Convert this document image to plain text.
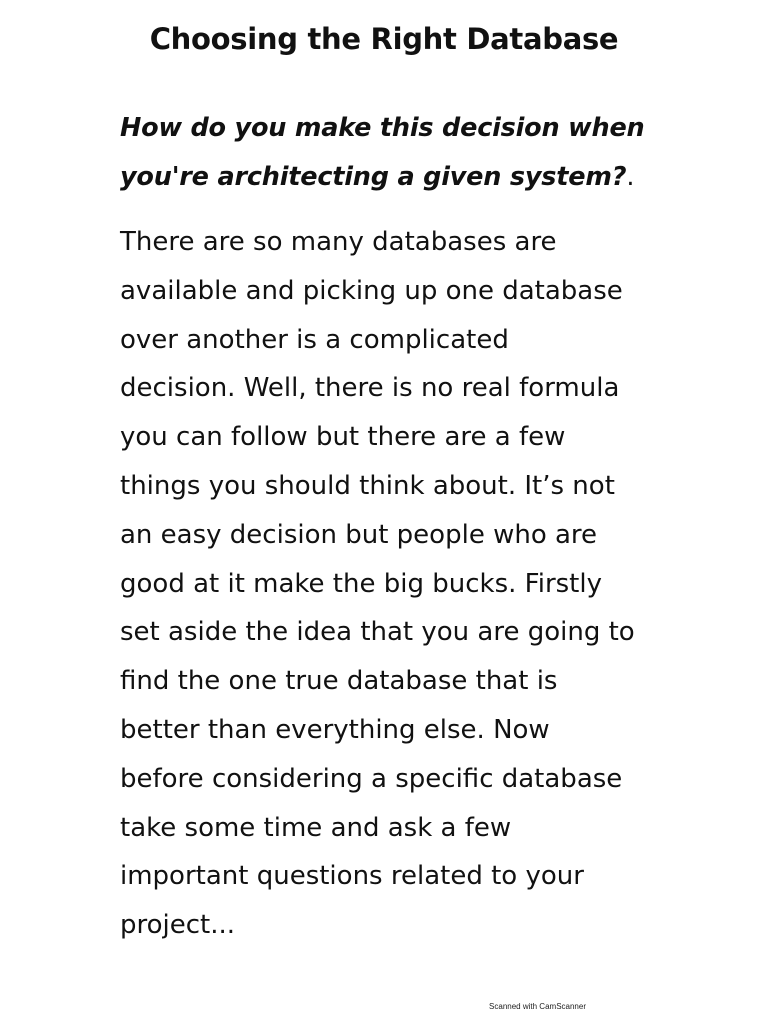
Choosing the Right Database

How do you make this decision when
you're architecting a given system?.

There are so many databases are
available and picking up one database
over another is a complicated
decision. Well, there is no real formula
you can follow but there are a few
things you should think about. It’s not
an easy decision but people who are
good at it make the big bucks. Firstly
set aside the idea that you are going to
find the one true database that is
better than everything else. Now
before considering a specific database
take some time and ask a few
important questions related to your
project...

Scanned with CamScanner
